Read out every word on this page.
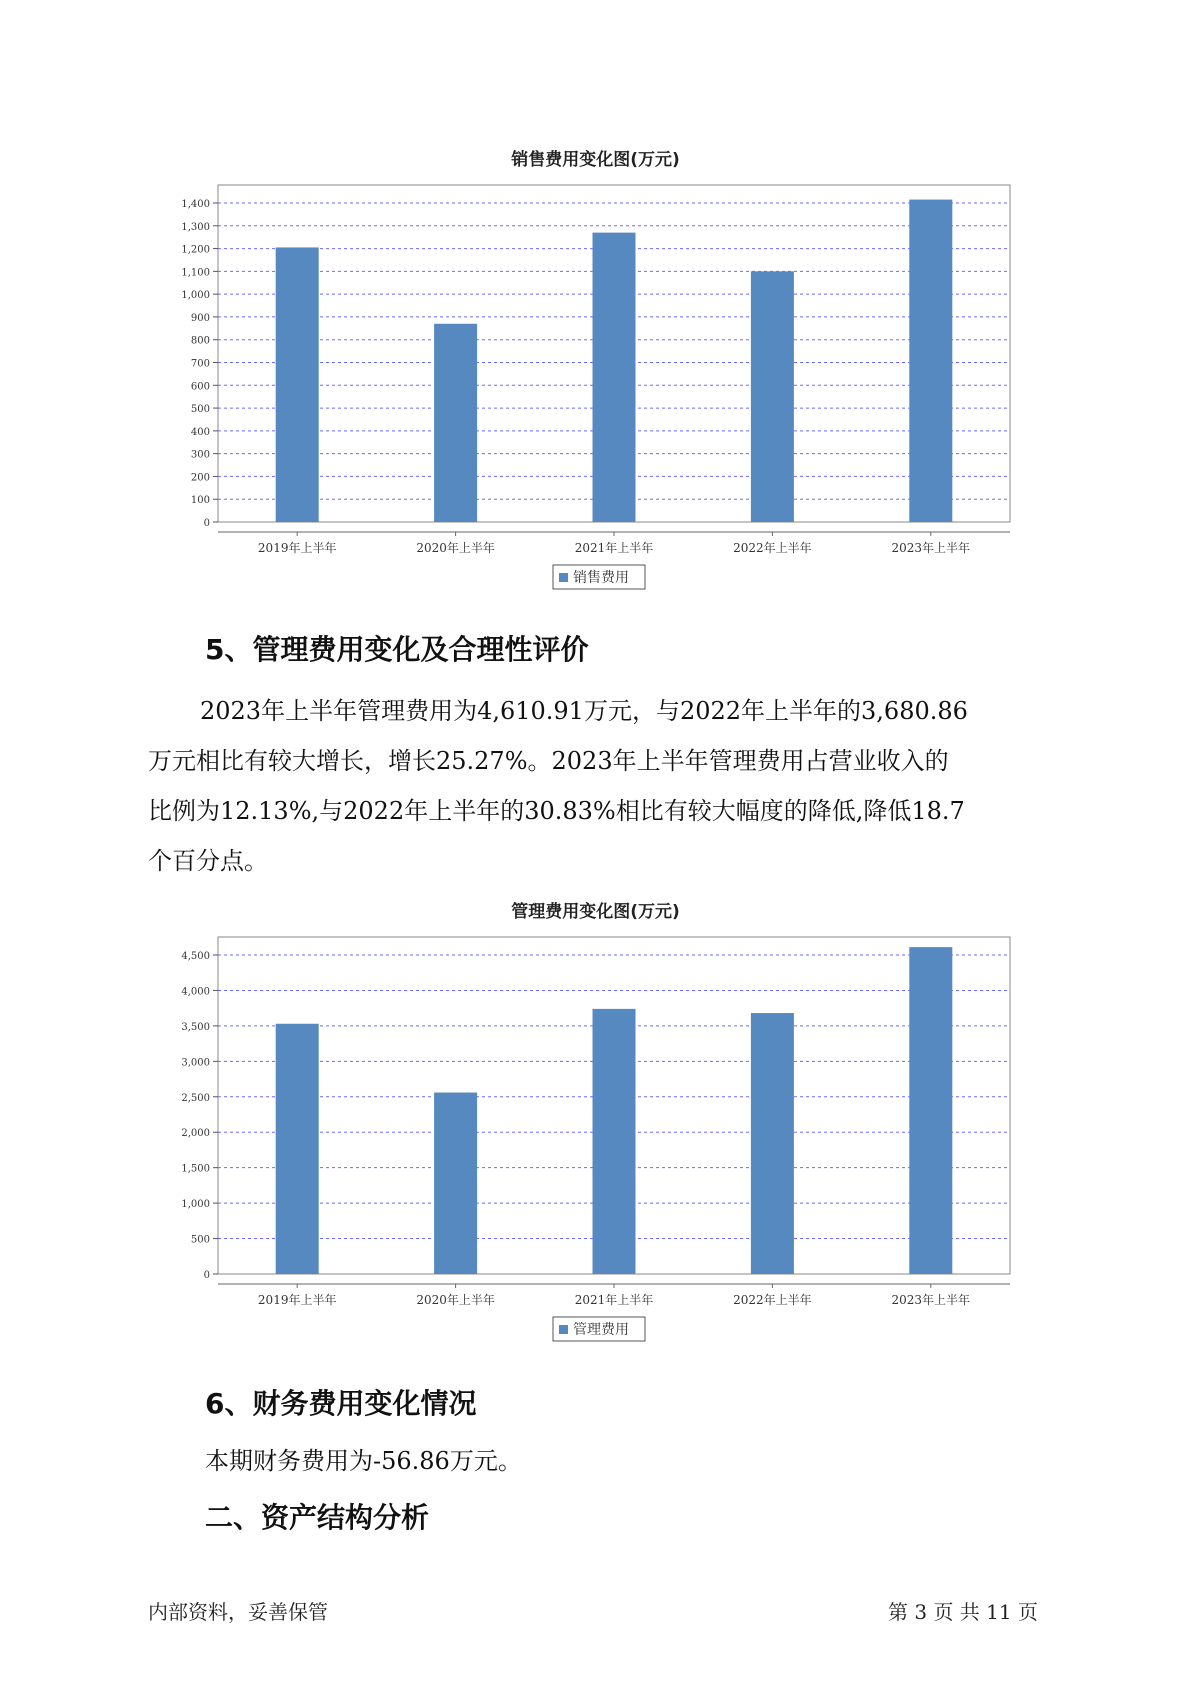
销售费用变化图(万元)
0
100
200
300
400
500
600
700
800
900
1,000
1,100
1,200
1,300
1,400
2019年上半年	2020年上半年	2021年上半年	2022年上半年	2023年上半年
销售费用
5、管理费用变化及合理性评价
2023年上半年管理费用为4,610.91万元，与2022年上半年的3,680.86
万元相比有较大增长，增长25.27%。2023年上半年管理费用占营业收入的
比例为12.13%,与2022年上半年的30.83%相比有较大幅度的降低,降低18.7
个百分点。
管理费用变化图(万元)
0
500
1,000
1,500
2,000
2,500
3,000
3,500
4,000
4,500
2019年上半年	2020年上半年	2021年上半年	2022年上半年	2023年上半年
管理费用
6、财务费用变化情况
本期财务费用为-56.86万元。
二、资产结构分析
内部资料，妥善保管	第 3 页 共 11 页
